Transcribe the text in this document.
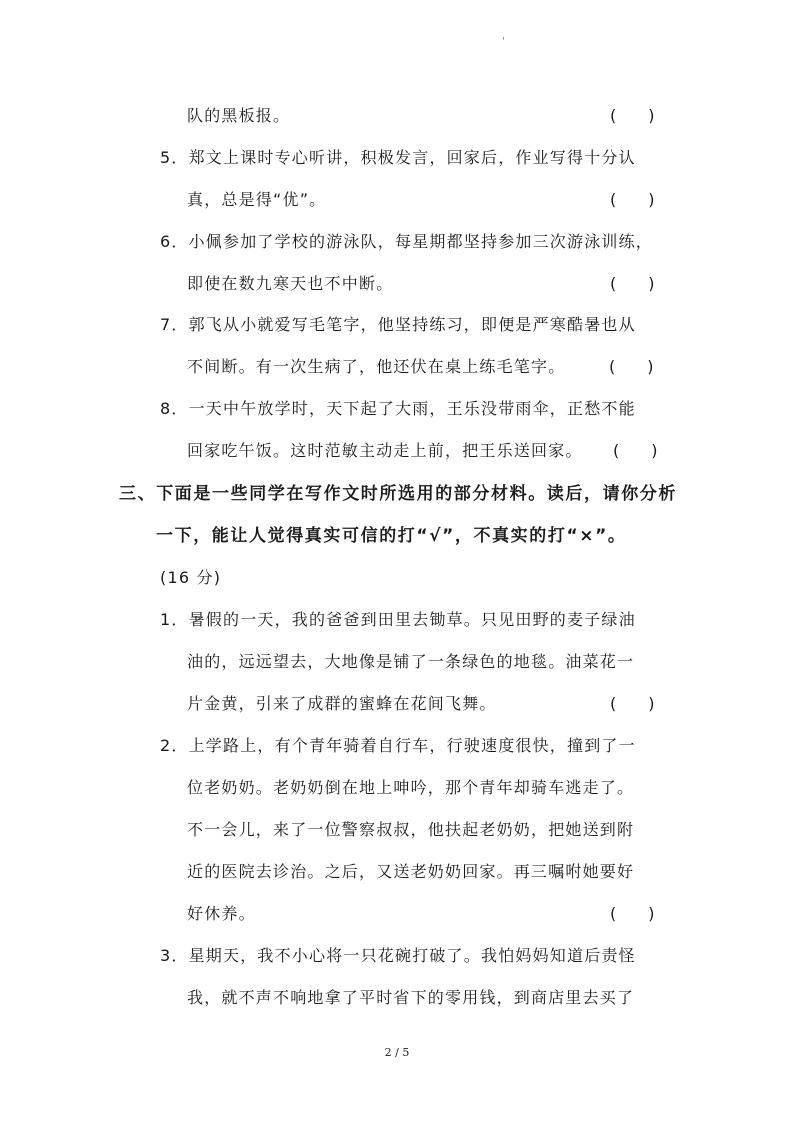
'
队的黑板报。	(　　)
5．郑文上课时专心听讲，积极发言，回家后，作业写得十分认
真，总是得“优”。	(　　)
6．小佩参加了学校的游泳队，每星期都坚持参加三次游泳训练，
即使在数九寒天也不中断。	(　　)
7．郭飞从小就爱写毛笔字，他坚持练习，即便是严寒酷暑也从
不间断。有一次生病了，他还伏在桌上练毛笔字。	(　　)
8．一天中午放学时，天下起了大雨，王乐没带雨伞，正愁不能
回家吃午饭。这时范敏主动走上前，把王乐送回家。 (　　)
三、下面是一些同学在写作文时所选用的部分材料。读后，请你分析
一下，能让人觉得真实可信的打“√”，不真实的打“×”。
(16 分)
1．暑假的一天，我的爸爸到田里去锄草。只见田野的麦子绿油
油的，远远望去，大地像是铺了一条绿色的地毯。油菜花一
片金黄，引来了成群的蜜蜂在花间飞舞。	(　　)
2．上学路上，有个青年骑着自行车，行驶速度很快，撞到了一
位老奶奶。老奶奶倒在地上呻吟，那个青年却骑车逃走了。
不一会儿，来了一位警察叔叔，他扶起老奶奶，把她送到附
近的医院去诊治。之后，又送老奶奶回家。再三嘱咐她要好
好休养。	(　　)
3．星期天，我不小心将一只花碗打破了。我怕妈妈知道后责怪
我，就不声不响地拿了平时省下的零用钱，到商店里去买了
2 / 5
